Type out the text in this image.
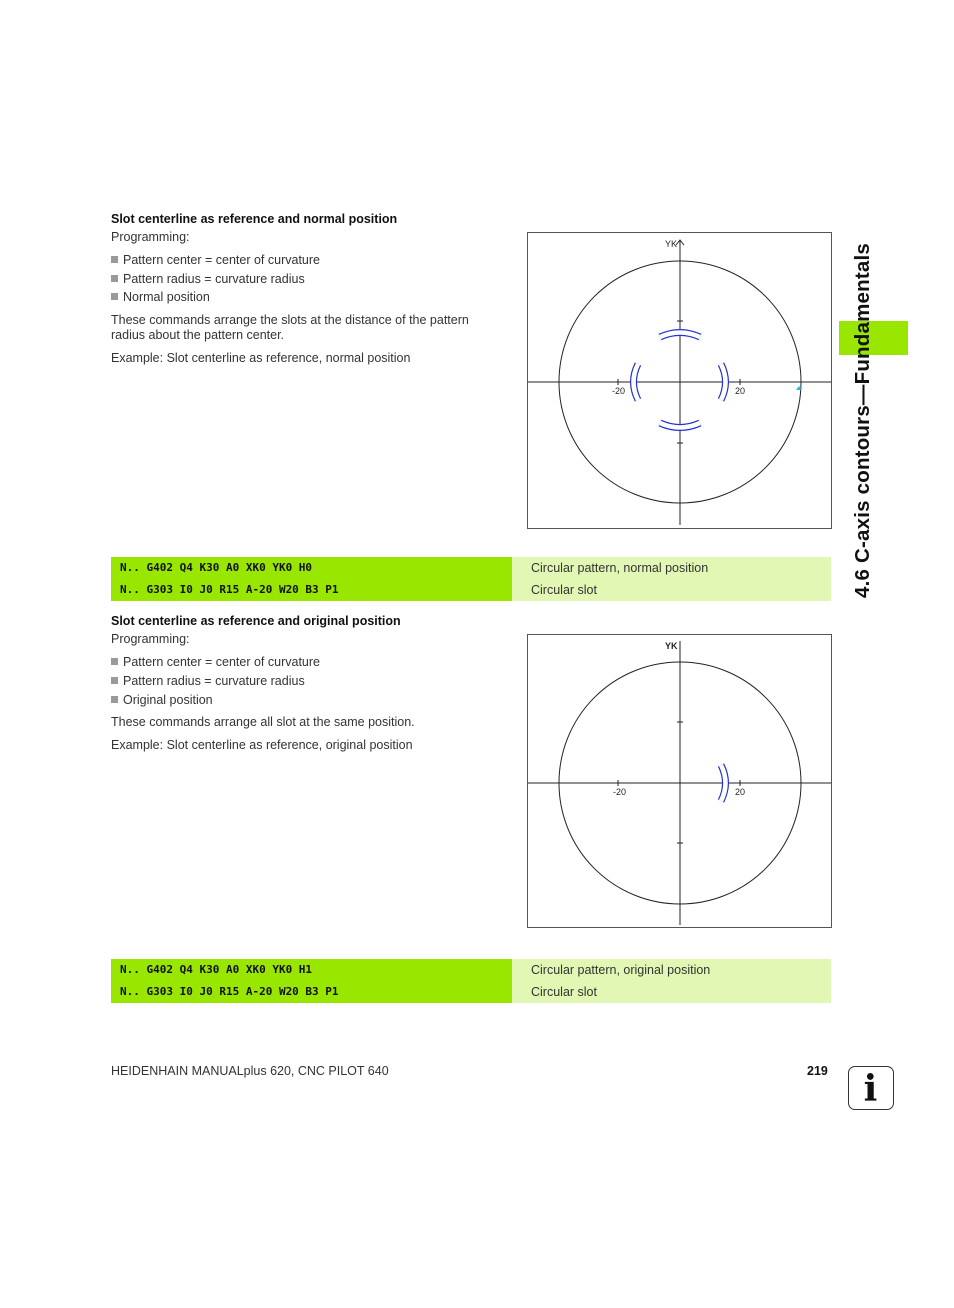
Slot centerline as reference and normal position
Programming:
Pattern center = center of curvature
Pattern radius = curvature radius
Normal position
These commands arrange the slots at the distance of the pattern
radius about the pattern center.
Example: Slot centerline as reference, normal position
YK
-20	20
N.. G402 Q4 K30 A0 XK0 YK0 H0	Circular pattern, normal position
N.. G303 I0 J0 R15 A-20 W20 B3 P1	Circular slot
Slot centerline as reference and original position
Programming:
Pattern center = center of curvature
Pattern radius = curvature radius
Original position
These commands arrange all slot at the same position.
Example: Slot centerline as reference, original position
YK
-20	20
N.. G402 Q4 K30 A0 XK0 YK0 H1	Circular pattern, original position
N.. G303 I0 J0 R15 A-20 W20 B3 P1	Circular slot
4.6 C-axis contours—Fundamentals
HEIDENHAIN MANUALplus 620, CNC PILOT 640	219 i
